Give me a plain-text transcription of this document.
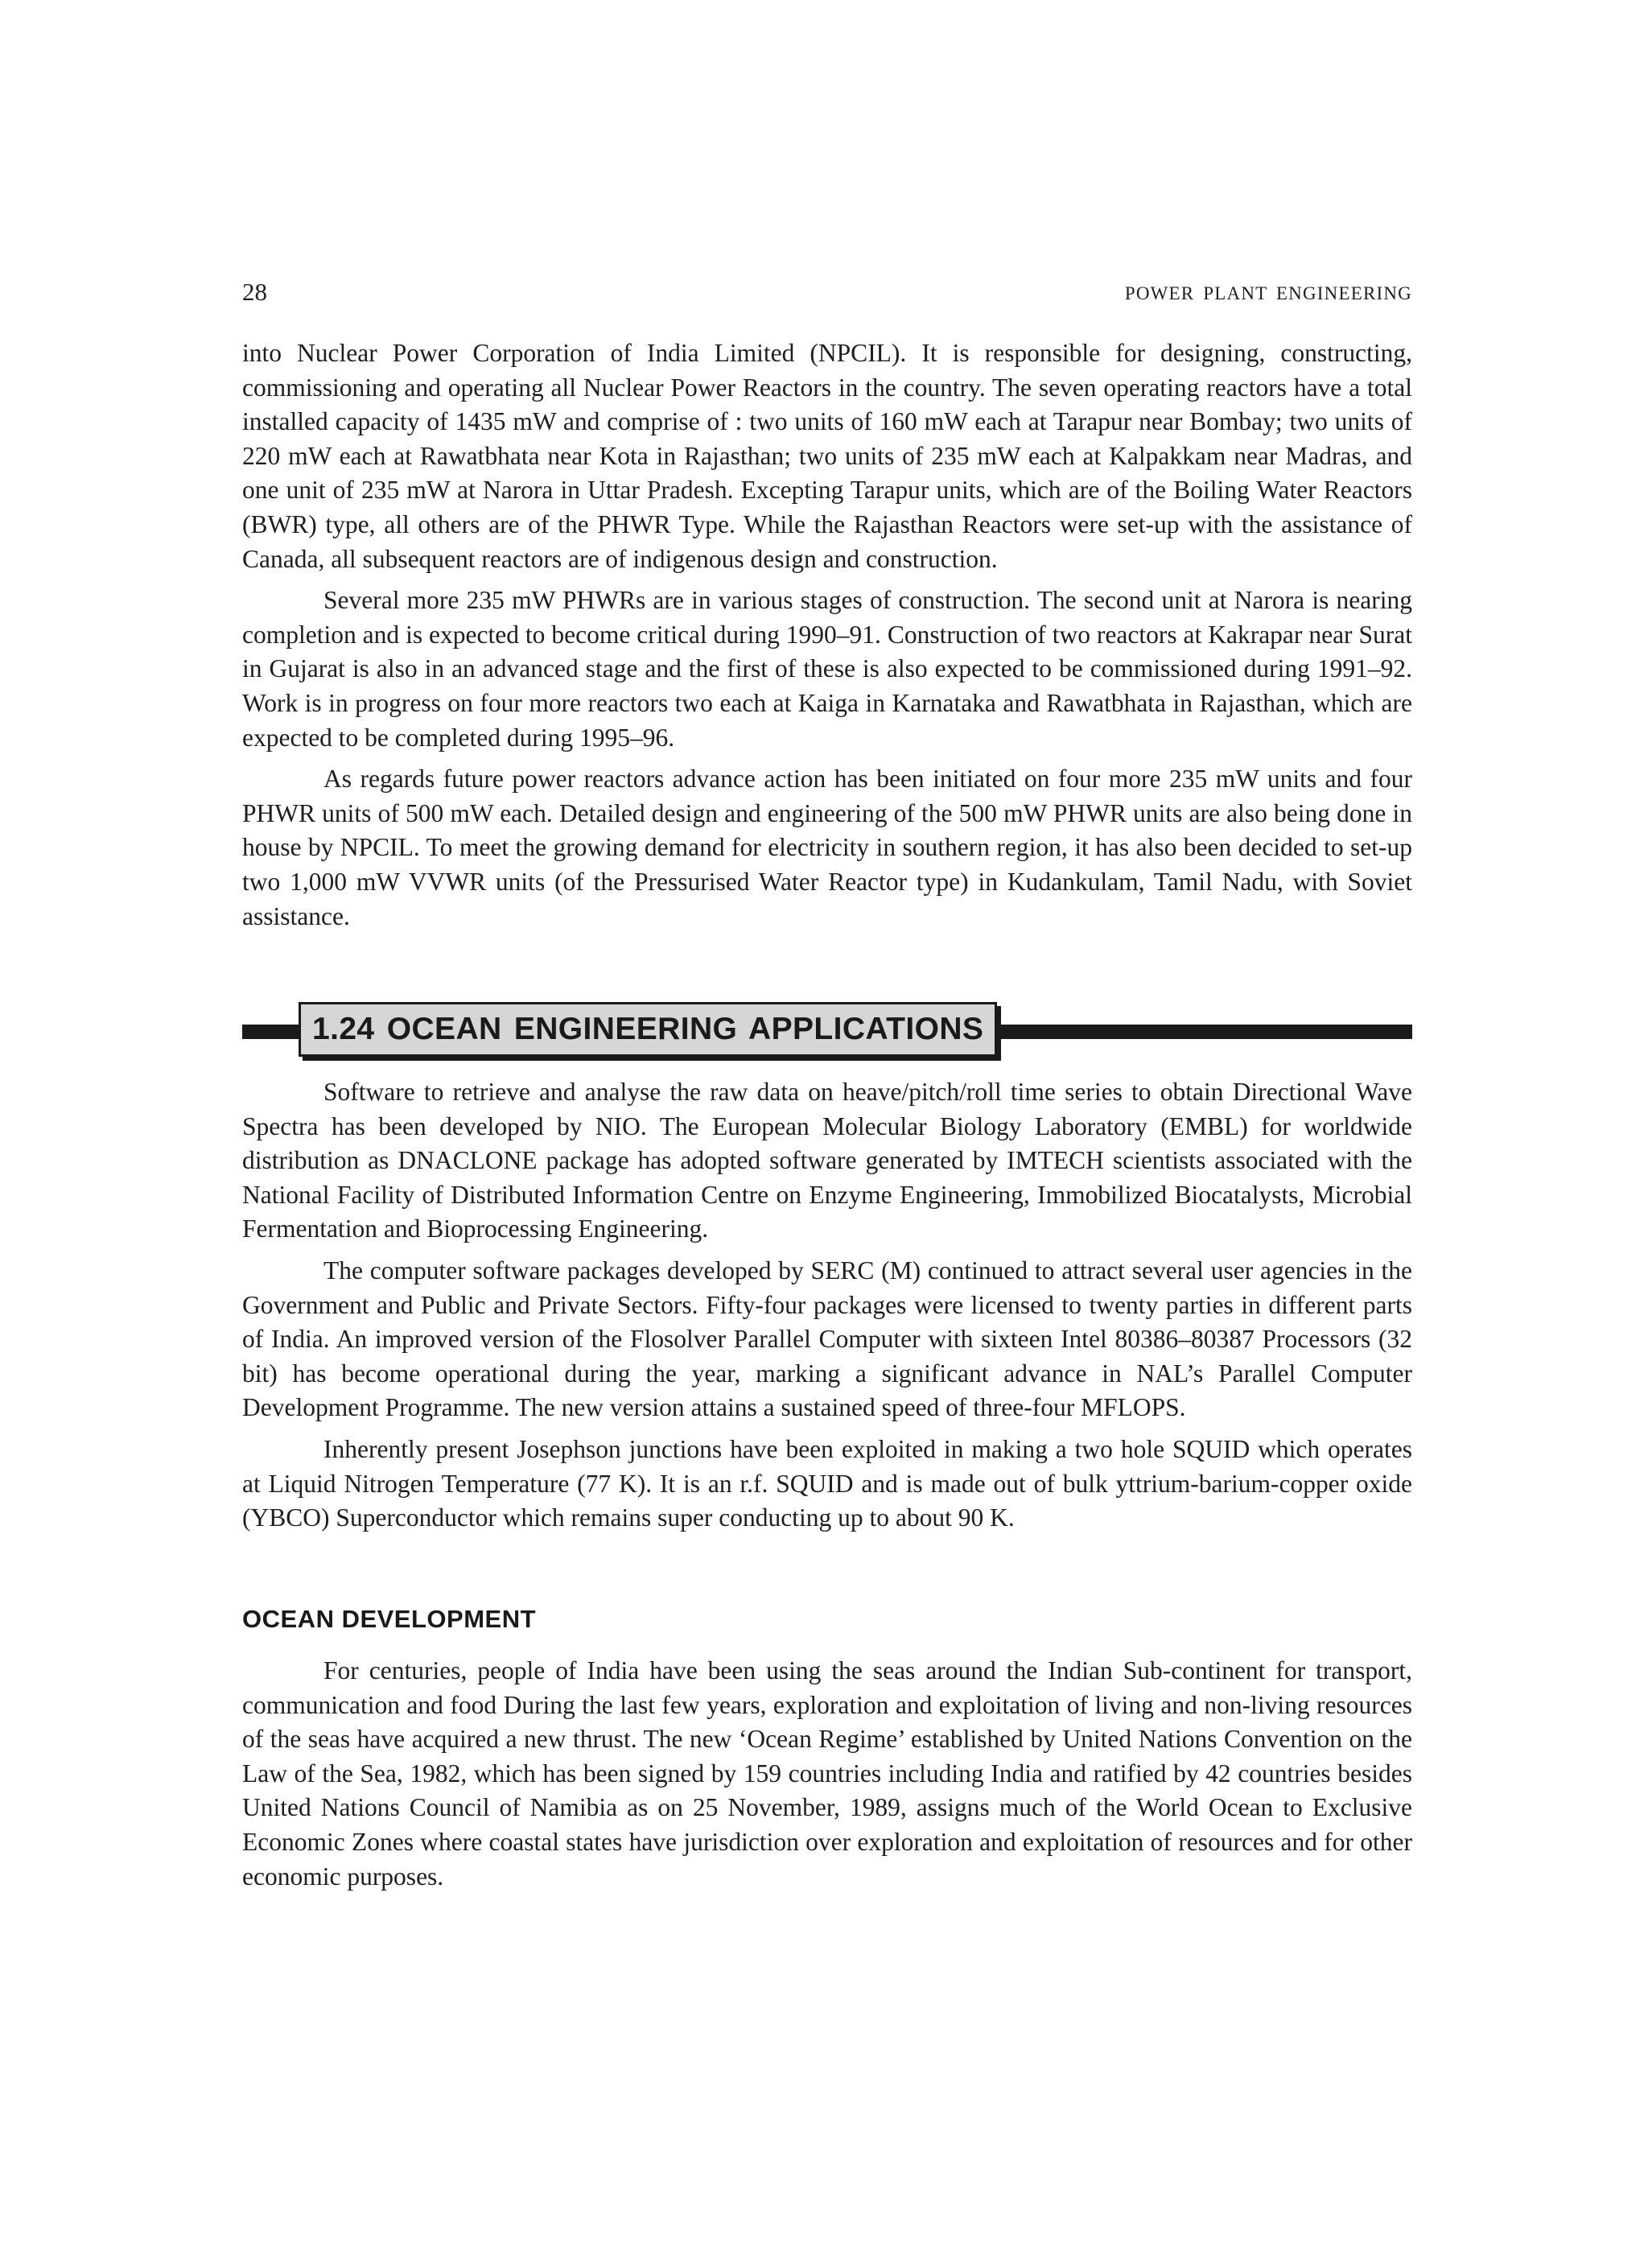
28	POWER PLANT ENGINEERING

into Nuclear Power Corporation of India Limited (NPCIL). It is responsible for designing, constructing, commissioning and operating all Nuclear Power Reactors in the country. The seven operating reactors have a total installed capacity of 1435 mW and comprise of : two units of 160 mW each at Tarapur near Bombay; two units of 220 mW each at Rawatbhata near Kota in Rajasthan; two units of 235 mW each at Kalpakkam near Madras, and one unit of 235 mW at Narora in Uttar Pradesh. Excepting Tarapur units, which are of the Boiling Water Reactors (BWR) type, all others are of the PHWR Type. While the Rajasthan Reactors were set-up with the assistance of Canada, all subsequent reactors are of indigenous design and construction.

Several more 235 mW PHWRs are in various stages of construction. The second unit at Narora is nearing completion and is expected to become critical during 1990–91. Construction of two reactors at Kakrapar near Surat in Gujarat is also in an advanced stage and the first of these is also expected to be commissioned during 1991–92. Work is in progress on four more reactors two each at Kaiga in Karnataka and Rawatbhata in Rajasthan, which are expected to be completed during 1995–96.

As regards future power reactors advance action has been initiated on four more 235 mW units and four PHWR units of 500 mW each. Detailed design and engineering of the 500 mW PHWR units are also being done in house by NPCIL. To meet the growing demand for electricity in southern region, it has also been decided to set-up two 1,000 mW VVWR units (of the Pressurised Water Reactor type) in Kudankulam, Tamil Nadu, with Soviet assistance.

1.24 OCEAN ENGINEERING APPLICATIONS

Software to retrieve and analyse the raw data on heave/pitch/roll time series to obtain Directional Wave Spectra has been developed by NIO. The European Molecular Biology Laboratory (EMBL) for worldwide distribution as DNACLONE package has adopted software generated by IMTECH scientists associated with the National Facility of Distributed Information Centre on Enzyme Engineering, Immobilized Biocatalysts, Microbial Fermentation and Bioprocessing Engineering.

The computer software packages developed by SERC (M) continued to attract several user agencies in the Government and Public and Private Sectors. Fifty-four packages were licensed to twenty parties in different parts of India. An improved version of the Flosolver Parallel Computer with sixteen Intel 80386–80387 Processors (32 bit) has become operational during the year, marking a significant advance in NAL’s Parallel Computer Development Programme. The new version attains a sustained speed of three-four MFLOPS.

Inherently present Josephson junctions have been exploited in making a two hole SQUID which operates at Liquid Nitrogen Temperature (77 K). It is an r.f. SQUID and is made out of bulk yttrium-barium-copper oxide (YBCO) Superconductor which remains super conducting up to about 90 K.

OCEAN DEVELOPMENT

For centuries, people of India have been using the seas around the Indian Sub-continent for transport, communication and food During the last few years, exploration and exploitation of living and non-living resources of the seas have acquired a new thrust. The new ‘Ocean Regime’ established by United Nations Convention on the Law of the Sea, 1982, which has been signed by 159 countries including India and ratified by 42 countries besides United Nations Council of Namibia as on 25 November, 1989, assigns much of the World Ocean to Exclusive Economic Zones where coastal states have jurisdiction over exploration and exploitation of resources and for other economic purposes.
